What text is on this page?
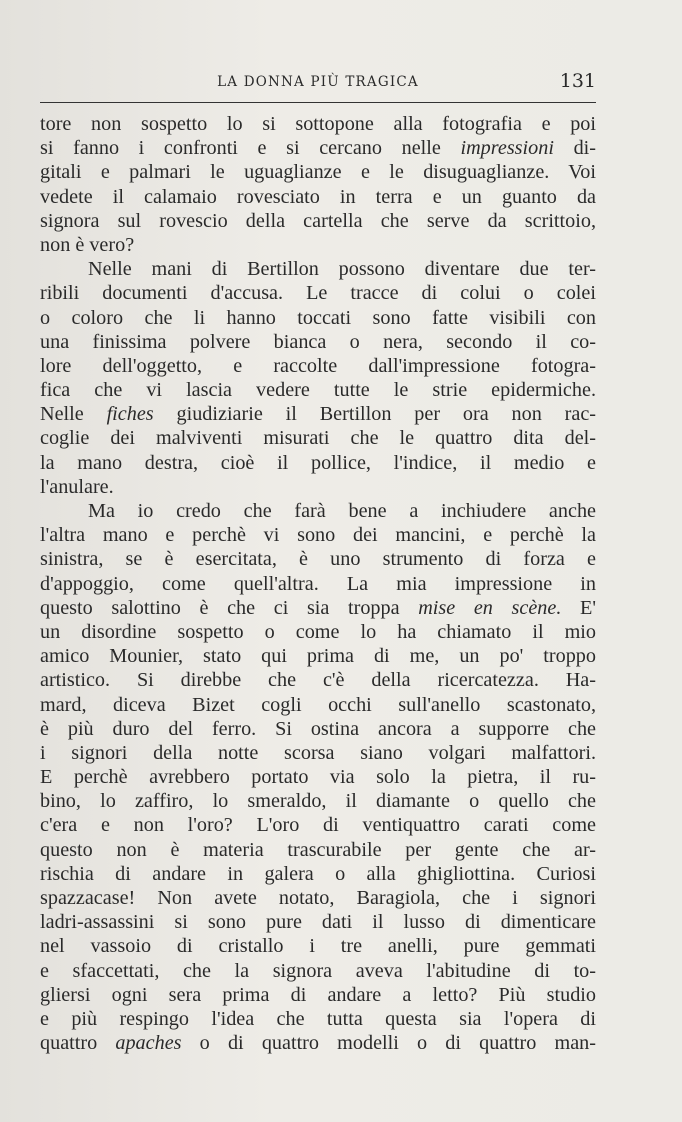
LA DONNA PIÙ TRAGICA	131
tore non sospetto lo si sottopone alla fotografia e poi
si fanno i confronti e si cercano nelle impressioni di-
gitali e palmari le uguaglianze e le disuguaglianze. Voi
vedete il calamaio rovesciato in terra e un guanto da
signora sul rovescio della cartella che serve da scrittoio,
non è vero?
Nelle mani di Bertillon possono diventare due ter-
ribili documenti d'accusa. Le tracce di colui o colei
o coloro che li hanno toccati sono fatte visibili con
una finissima polvere bianca o nera, secondo il co-
lore dell'oggetto, e raccolte dall'impressione fotogra-
fica che vi lascia vedere tutte le strie epidermiche.
Nelle fiches giudiziarie il Bertillon per ora non rac-
coglie dei malviventi misurati che le quattro dita del-
la mano destra, cioè il pollice, l'indice, il medio e
l'anulare.
Ma io credo che farà bene a inchiudere anche
l'altra mano e perchè vi sono dei mancini, e perchè la
sinistra, se è esercitata, è uno strumento di forza e
d'appoggio, come quell'altra. La mia impressione in
questo salottino è che ci sia troppa mise en scène. E'
un disordine sospetto o come lo ha chiamato il mio
amico Mounier, stato qui prima di me, un po' troppo
artistico. Si direbbe che c'è della ricercatezza. Ha-
mard, diceva Bizet cogli occhi sull'anello scastonato,
è più duro del ferro. Si ostina ancora a supporre che
i signori della notte scorsa siano volgari malfattori.
E perchè avrebbero portato via solo la pietra, il ru-
bino, lo zaffiro, lo smeraldo, il diamante o quello che
c'era e non l'oro? L'oro di ventiquattro carati come
questo non è materia trascurabile per gente che ar-
rischia di andare in galera o alla ghigliottina. Curiosi
spazzacase! Non avete notato, Baragiola, che i signori
ladri-assassini si sono pure dati il lusso di dimenticare
nel vassoio di cristallo i tre anelli, pure gemmati
e sfaccettati, che la signora aveva l'abitudine di to-
gliersi ogni sera prima di andare a letto? Più studio
e più respingo l'idea che tutta questa sia l'opera di
quattro apaches o di quattro modelli o di quattro man-
